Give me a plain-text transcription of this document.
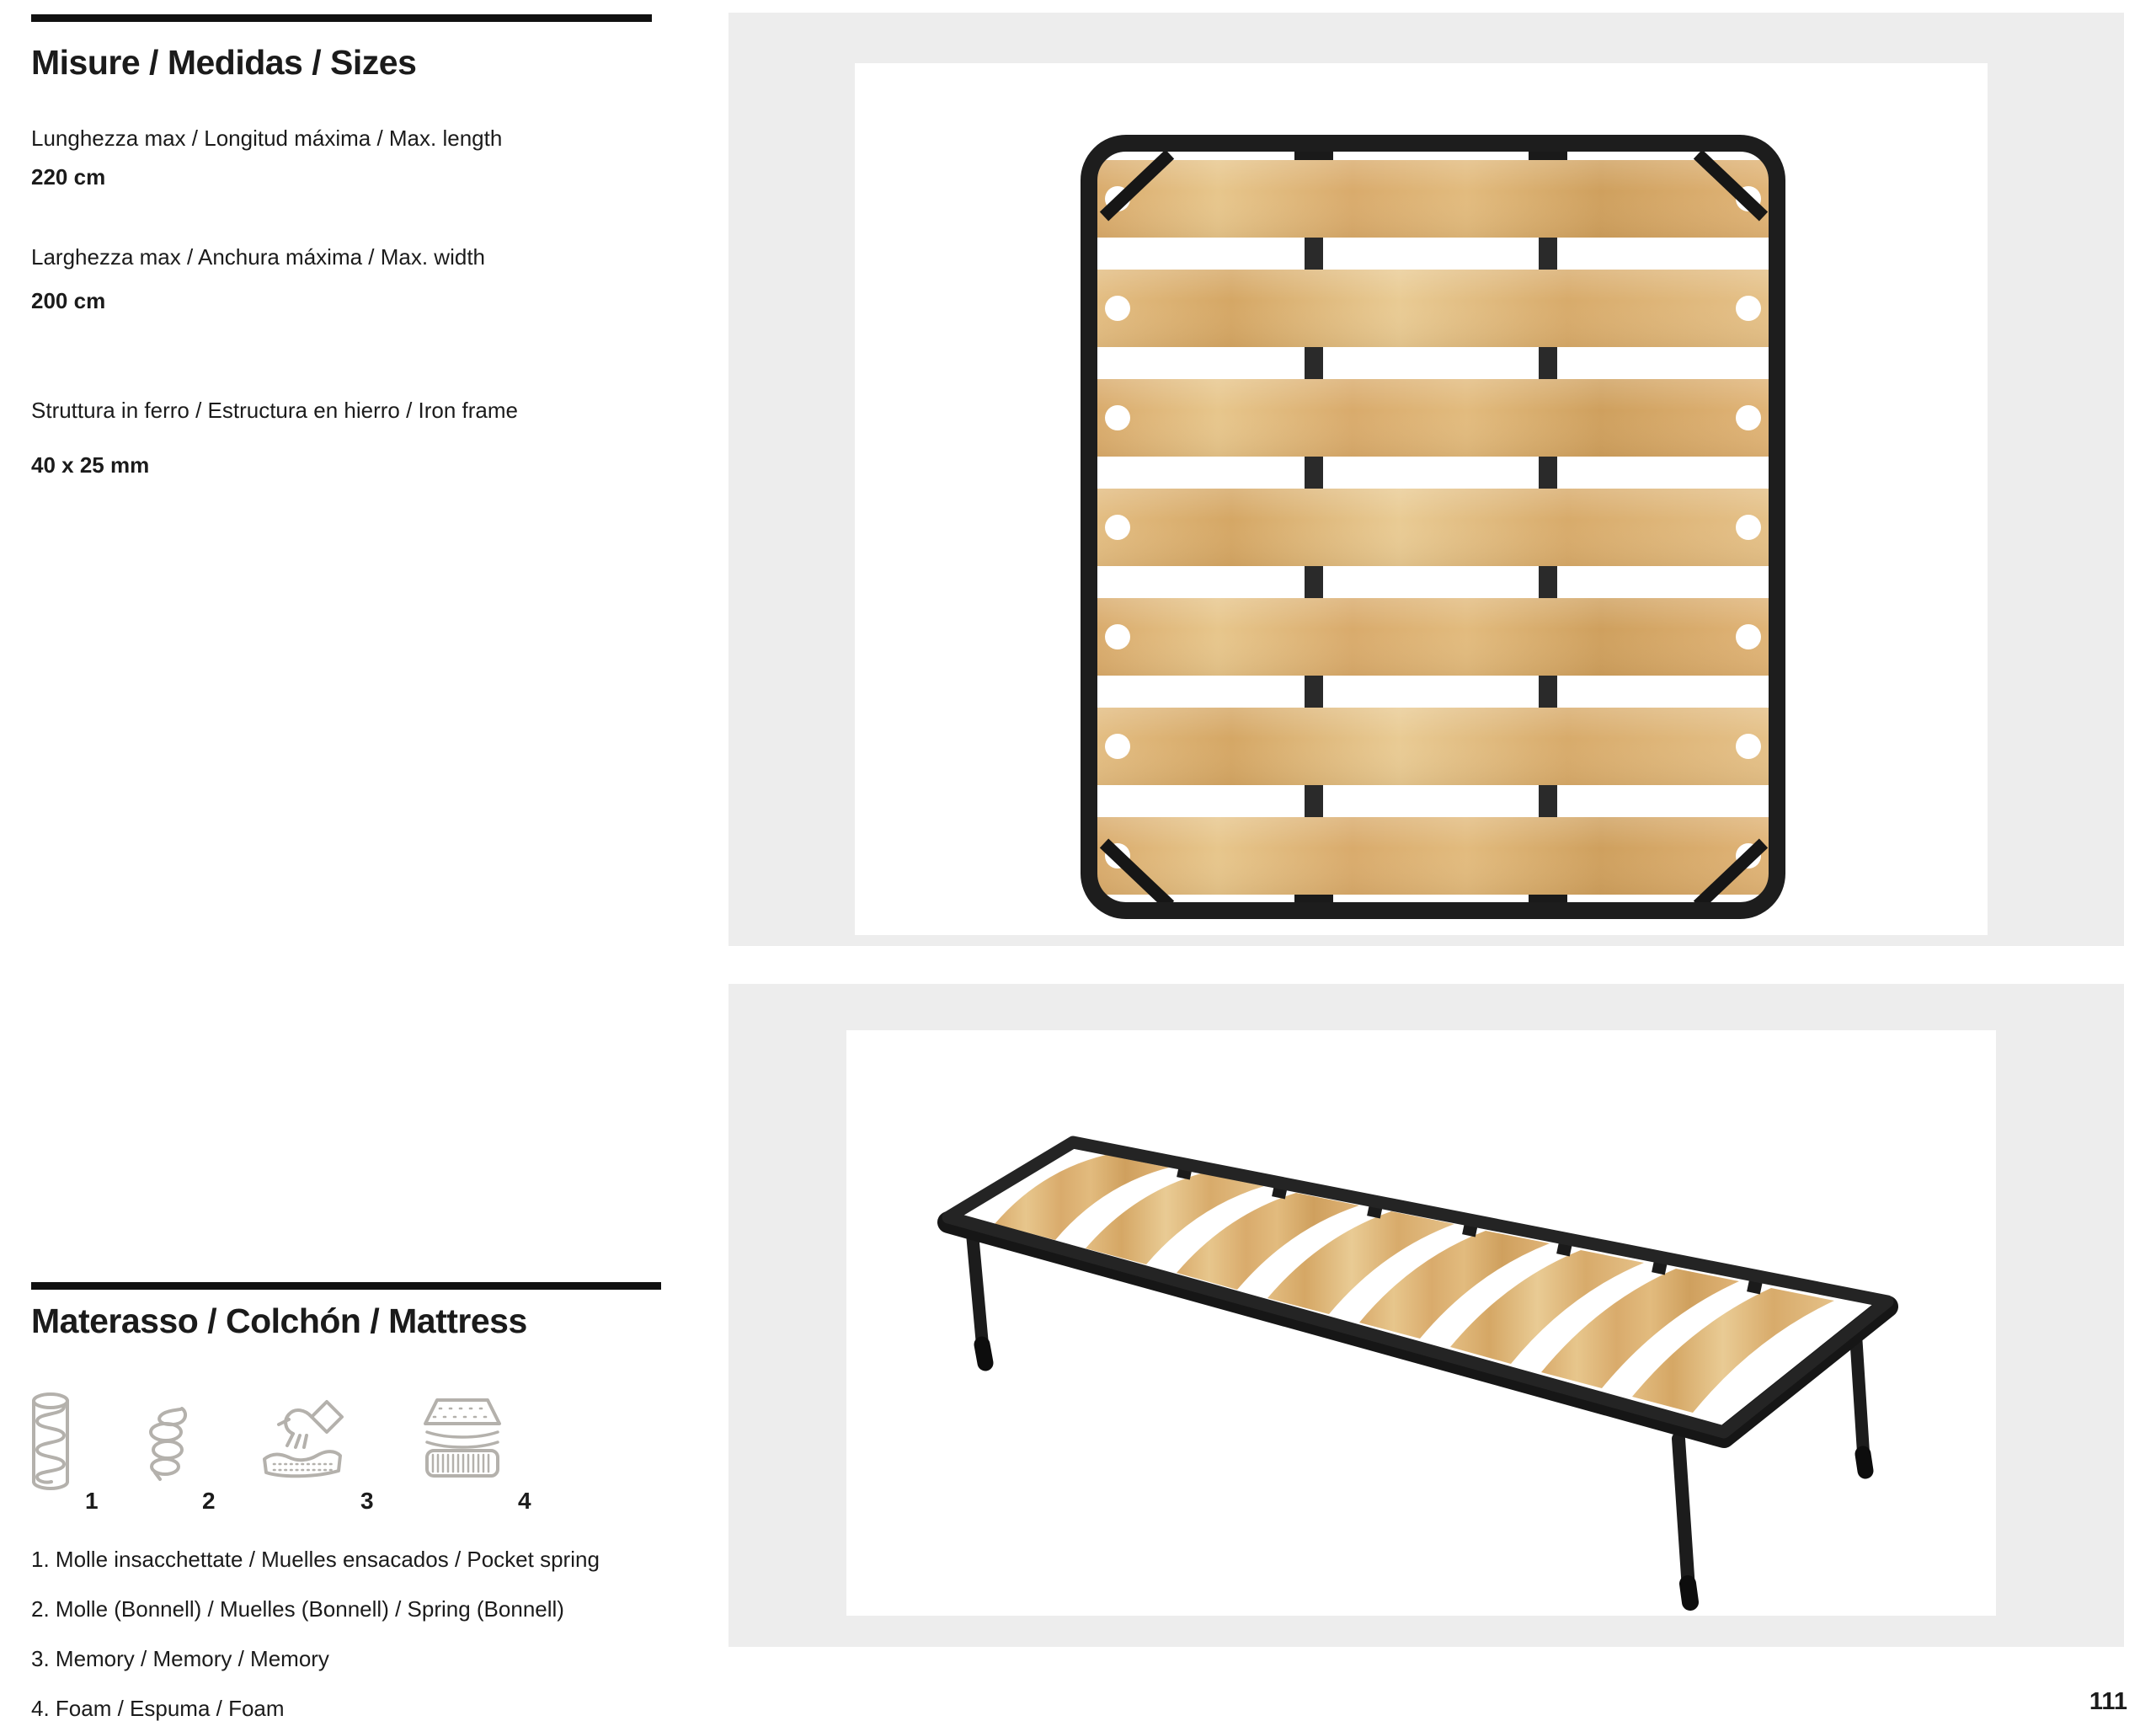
Misure / Medidas / Sizes
Lunghezza max / Longitud máxima / Max. length
220 cm
Larghezza max / Anchura máxima / Max. width
200 cm
Struttura in ferro / Estructura en hierro / Iron frame
40 x 25 mm
Materasso / Colchón / Mattress
1	2	3	4
1. Molle insacchettate / Muelles ensacados / Pocket spring
2. Molle (Bonnell) / Muelles (Bonnell) / Spring (Bonnell)
3. Memory / Memory / Memory
4. Foam / Espuma / Foam	111
